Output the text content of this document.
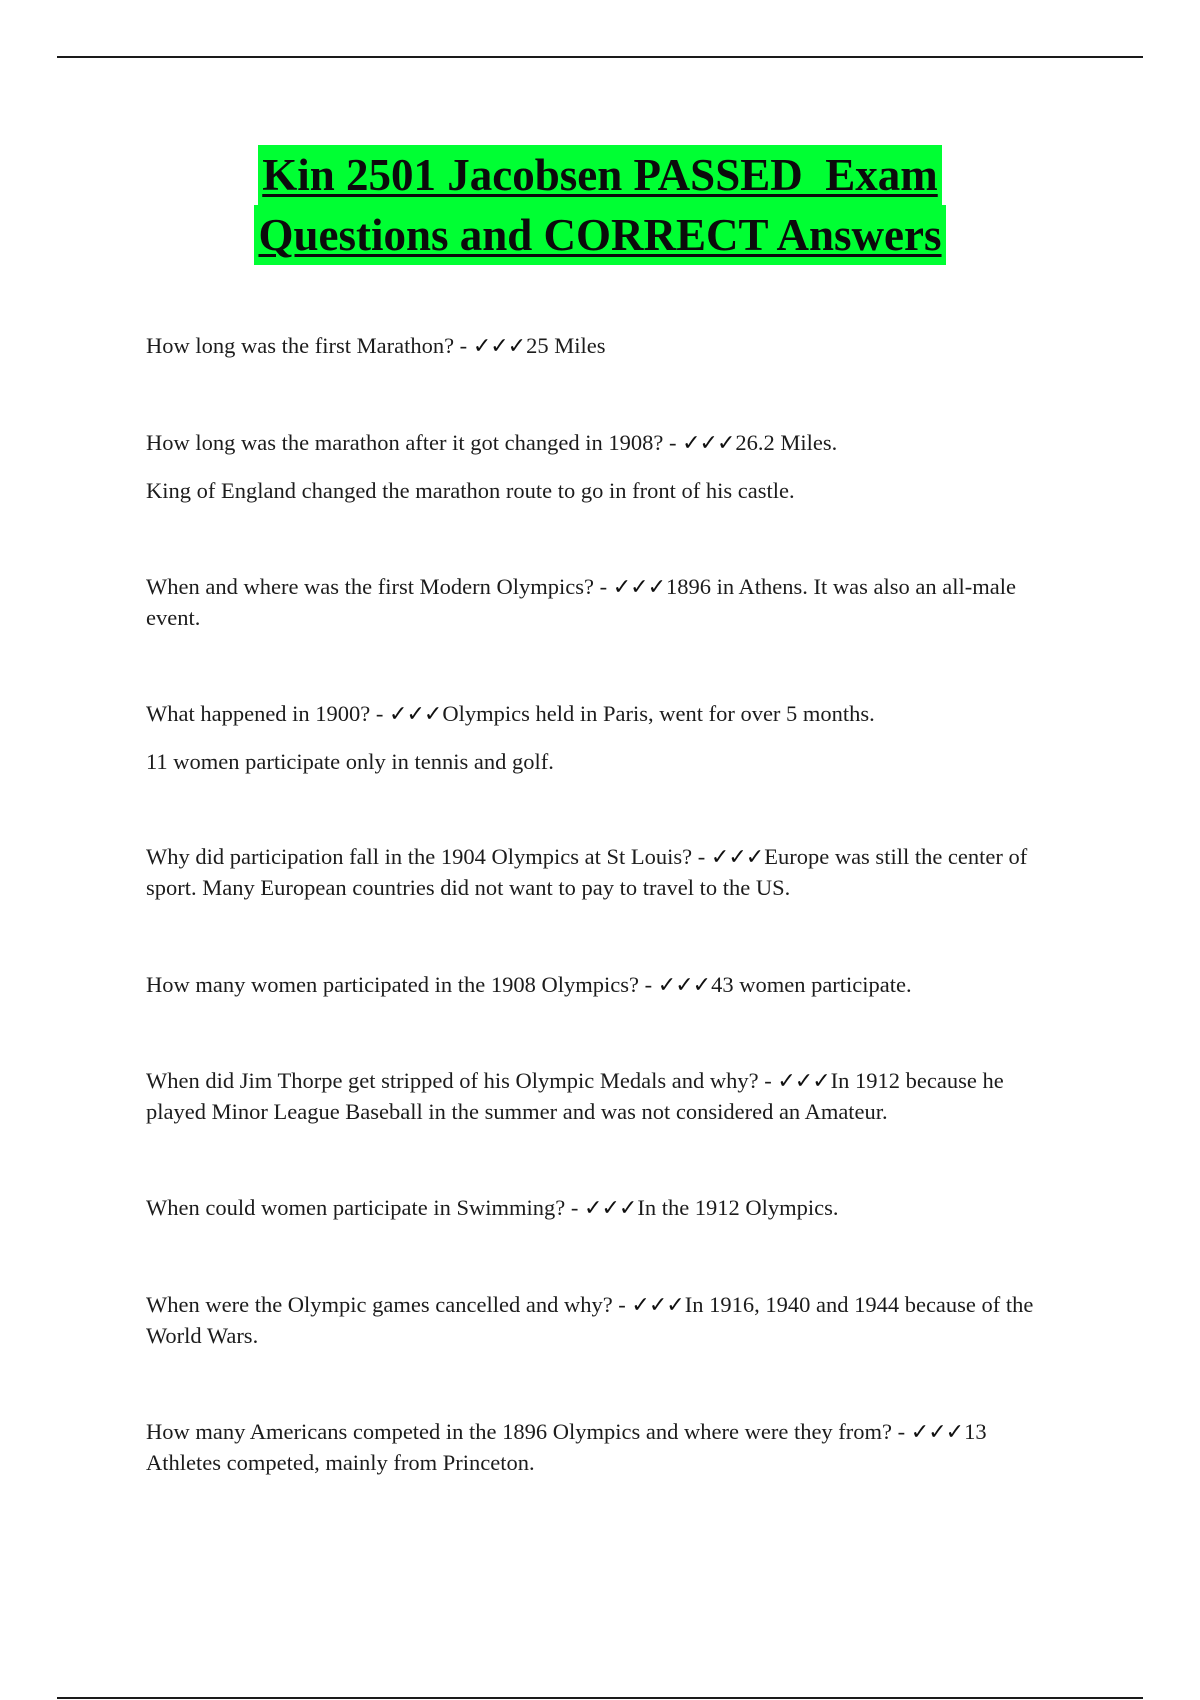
Kin 2501 Jacobsen PASSED  Exam
Questions and CORRECT Answers

How long was the first Marathon? - ✓✓✓25 Miles

How long was the marathon after it got changed in 1908? - ✓✓✓26.2 Miles.

King of England changed the marathon route to go in front of his castle.

When and where was the first Modern Olympics? - ✓✓✓1896 in Athens. It was also an all-male event.

What happened in 1900? - ✓✓✓Olympics held in Paris, went for over 5 months.

11 women participate only in tennis and golf.

Why did participation fall in the 1904 Olympics at St Louis? - ✓✓✓Europe was still the center of sport. Many European countries did not want to pay to travel to the US.

How many women participated in the 1908 Olympics? - ✓✓✓43 women participate.

When did Jim Thorpe get stripped of his Olympic Medals and why? - ✓✓✓In 1912 because he played Minor League Baseball in the summer and was not considered an Amateur.

When could women participate in Swimming? - ✓✓✓In the 1912 Olympics.

When were the Olympic games cancelled and why? - ✓✓✓In 1916, 1940 and 1944 because of the World Wars.

How many Americans competed in the 1896 Olympics and where were they from? - ✓✓✓13 Athletes competed, mainly from Princeton.
